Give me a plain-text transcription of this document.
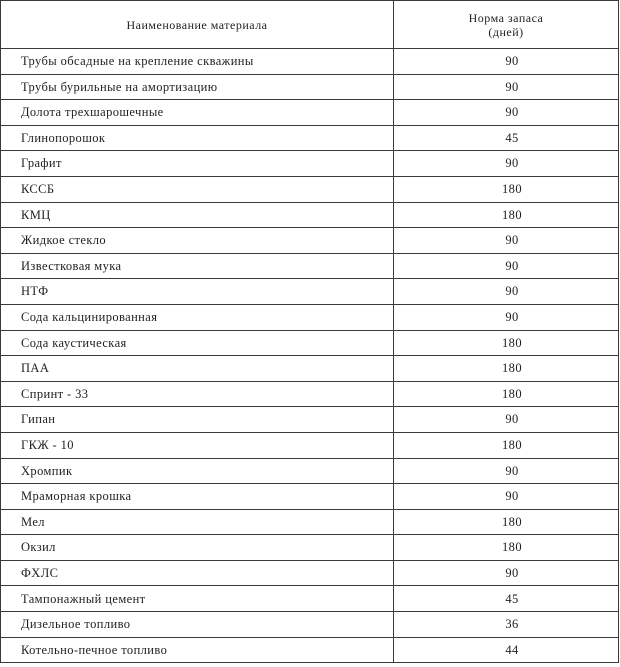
Наименование материала	Норма запаса
(дней)

Трубы обсадные на крепление скважины	90
Трубы бурильные на амортизацию	90
Долота трехшарошечные	90
Глинопорошок	45
Графит	90
КССБ	180
КМЦ	180
Жидкое стекло	90
Известковая мука	90
НТФ	90
Сода кальцинированная	90
Сода каустическая	180
ПАА	180
Спринт - 33	180
Гипан	90
ГКЖ - 10	180
Хромпик	90
Мраморная крошка	90
Мел	180
Окзил	180
ФХЛС	90
Тампонажный цемент	45
Дизельное топливо	36
Котельно-печное топливо	44
